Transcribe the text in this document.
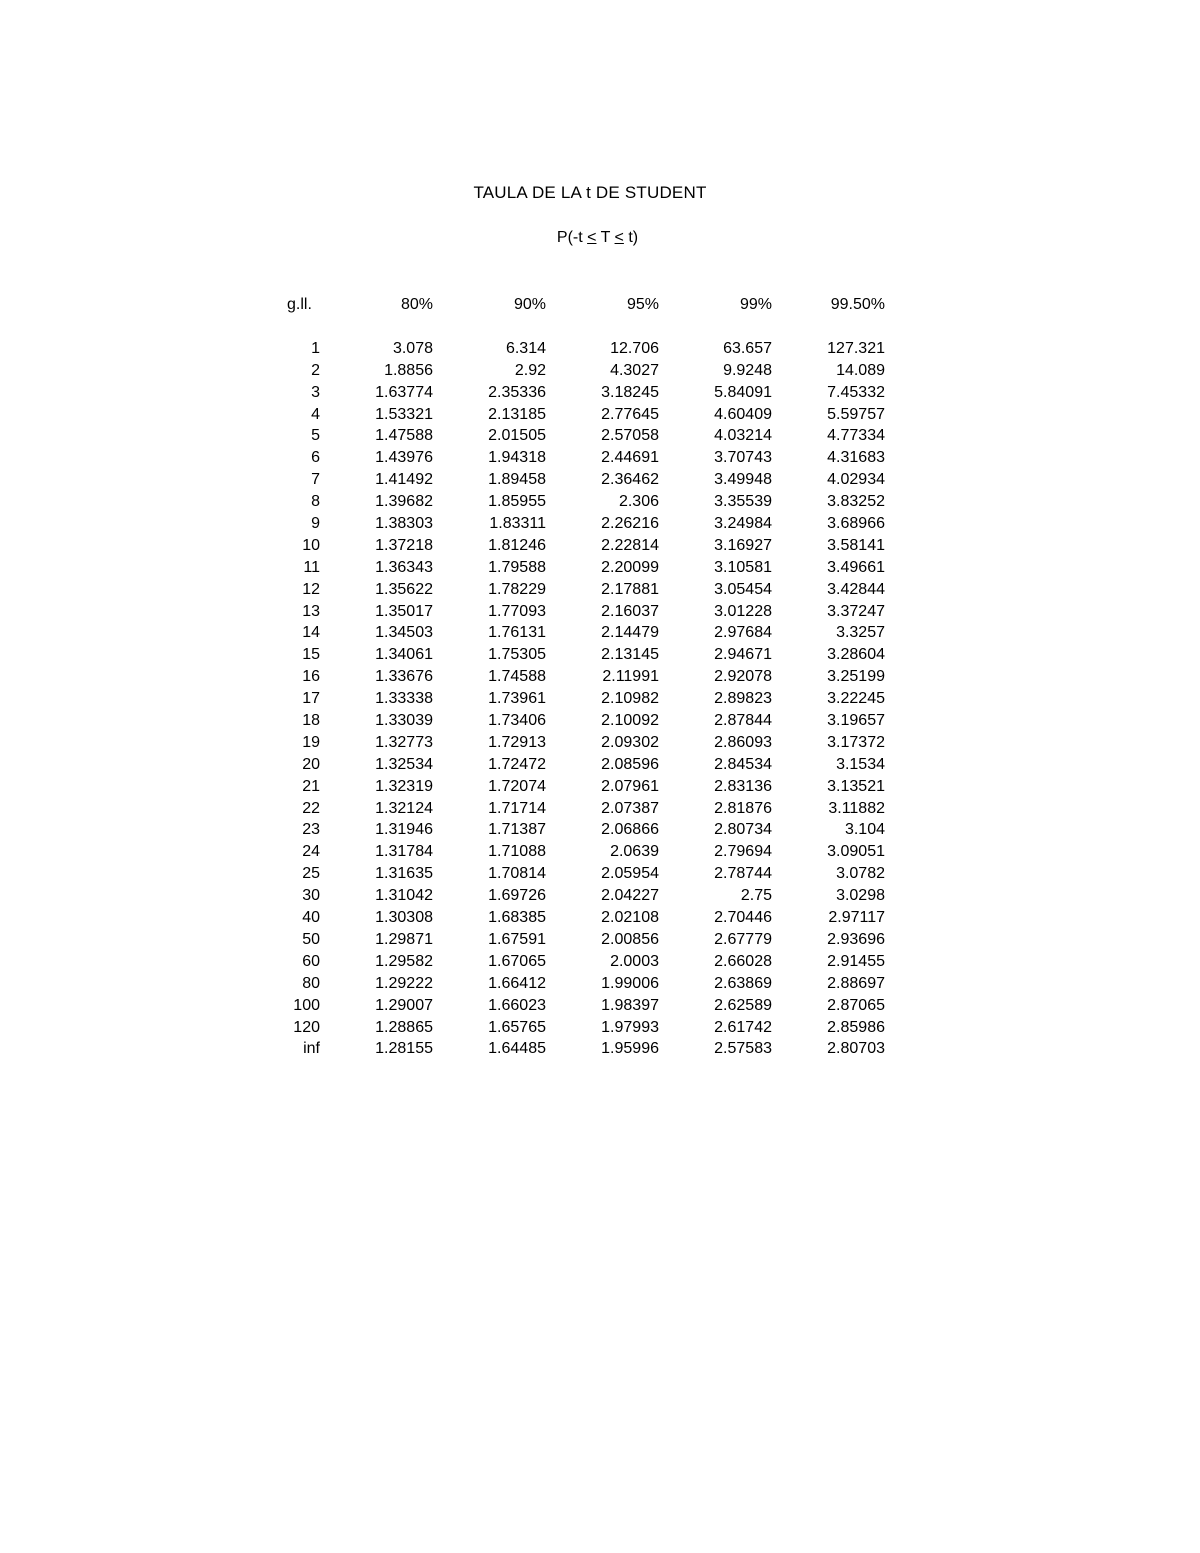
TAULA DE LA t DE STUDENT
P(-t < T < t)
g.ll.	80%	90%	95%	99%	99.50%
1	3.078	6.314	12.706	63.657	127.321
2	1.8856	2.92	4.3027	9.9248	14.089
3	1.63774	2.35336	3.18245	5.84091	7.45332
4	1.53321	2.13185	2.77645	4.60409	5.59757
5	1.47588	2.01505	2.57058	4.03214	4.77334
6	1.43976	1.94318	2.44691	3.70743	4.31683
7	1.41492	1.89458	2.36462	3.49948	4.02934
8	1.39682	1.85955	2.306	3.35539	3.83252
9	1.38303	1.83311	2.26216	3.24984	3.68966
10	1.37218	1.81246	2.22814	3.16927	3.58141
11	1.36343	1.79588	2.20099	3.10581	3.49661
12	1.35622	1.78229	2.17881	3.05454	3.42844
13	1.35017	1.77093	2.16037	3.01228	3.37247
14	1.34503	1.76131	2.14479	2.97684	3.3257
15	1.34061	1.75305	2.13145	2.94671	3.28604
16	1.33676	1.74588	2.11991	2.92078	3.25199
17	1.33338	1.73961	2.10982	2.89823	3.22245
18	1.33039	1.73406	2.10092	2.87844	3.19657
19	1.32773	1.72913	2.09302	2.86093	3.17372
20	1.32534	1.72472	2.08596	2.84534	3.1534
21	1.32319	1.72074	2.07961	2.83136	3.13521
22	1.32124	1.71714	2.07387	2.81876	3.11882
23	1.31946	1.71387	2.06866	2.80734	3.104
24	1.31784	1.71088	2.0639	2.79694	3.09051
25	1.31635	1.70814	2.05954	2.78744	3.0782
30	1.31042	1.69726	2.04227	2.75	3.0298
40	1.30308	1.68385	2.02108	2.70446	2.97117
50	1.29871	1.67591	2.00856	2.67779	2.93696
60	1.29582	1.67065	2.0003	2.66028	2.91455
80	1.29222	1.66412	1.99006	2.63869	2.88697
100	1.29007	1.66023	1.98397	2.62589	2.87065
120	1.28865	1.65765	1.97993	2.61742	2.85986
inf	1.28155	1.64485	1.95996	2.57583	2.80703
